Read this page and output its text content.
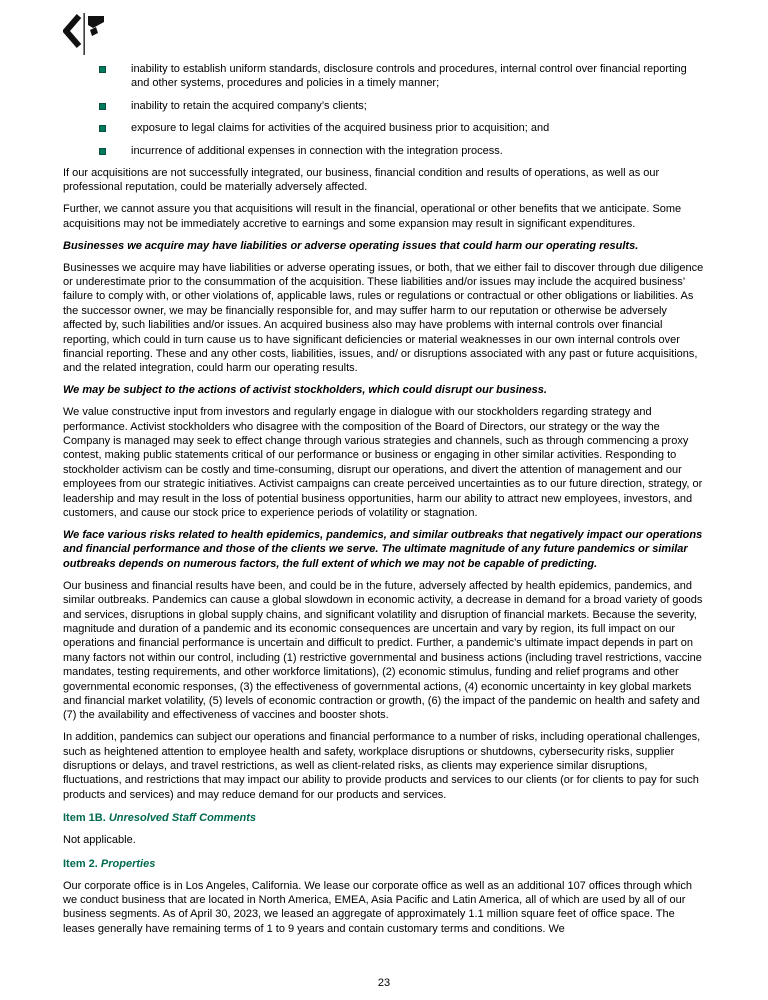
inability to establish uniform standards, disclosure controls and procedures, internal control over financial reporting and other systems, procedures and policies in a timely manner;
inability to retain the acquired company’s clients;
exposure to legal claims for activities of the acquired business prior to acquisition; and
incurrence of additional expenses in connection with the integration process.

If our acquisitions are not successfully integrated, our business, financial condition and results of operations, as well as our professional reputation, could be materially adversely affected.

Further, we cannot assure you that acquisitions will result in the financial, operational or other benefits that we anticipate. Some acquisitions may not be immediately accretive to earnings and some expansion may result in significant expenditures.

Businesses we acquire may have liabilities or adverse operating issues that could harm our operating results.

Businesses we acquire may have liabilities or adverse operating issues, or both, that we either fail to discover through due diligence or underestimate prior to the consummation of the acquisition. These liabilities and/or issues may include the acquired business’ failure to comply with, or other violations of, applicable laws, rules or regulations or contractual or other obligations or liabilities. As the successor owner, we may be financially responsible for, and may suffer harm to our reputation or otherwise be adversely affected by, such liabilities and/or issues. An acquired business also may have problems with internal controls over financial reporting, which could in turn cause us to have significant deficiencies or material weaknesses in our own internal controls over financial reporting. These and any other costs, liabilities, issues, and/ or disruptions associated with any past or future acquisitions, and the related integration, could harm our operating results.

We may be subject to the actions of activist stockholders, which could disrupt our business.

We value constructive input from investors and regularly engage in dialogue with our stockholders regarding strategy and performance. Activist stockholders who disagree with the composition of the Board of Directors, our strategy or the way the Company is managed may seek to effect change through various strategies and channels, such as through commencing a proxy contest, making public statements critical of our performance or business or engaging in other similar activities. Responding to stockholder activism can be costly and time-consuming, disrupt our operations, and divert the attention of management and our employees from our strategic initiatives. Activist campaigns can create perceived uncertainties as to our future direction, strategy, or leadership and may result in the loss of potential business opportunities, harm our ability to attract new employees, investors, and customers, and cause our stock price to experience periods of volatility or stagnation.

We face various risks related to health epidemics, pandemics, and similar outbreaks that negatively impact our operations and financial performance and those of the clients we serve. The ultimate magnitude of any future pandemics or similar outbreaks depends on numerous factors, the full extent of which we may not be capable of predicting.

Our business and financial results have been, and could be in the future, adversely affected by health epidemics, pandemics, and similar outbreaks. Pandemics can cause a global slowdown in economic activity, a decrease in demand for a broad variety of goods and services, disruptions in global supply chains, and significant volatility and disruption of financial markets. Because the severity, magnitude and duration of a pandemic and its economic consequences are uncertain and vary by region, its full impact on our operations and financial performance is uncertain and difficult to predict. Further, a pandemic’s ultimate impact depends in part on many factors not within our control, including (1) restrictive governmental and business actions (including travel restrictions, vaccine mandates, testing requirements, and other workforce limitations), (2) economic stimulus, funding and relief programs and other governmental economic responses, (3) the effectiveness of governmental actions, (4) economic uncertainty in key global markets and financial market volatility, (5) levels of economic contraction or growth, (6) the impact of the pandemic on health and safety and (7) the availability and effectiveness of vaccines and booster shots.

In addition, pandemics can subject our operations and financial performance to a number of risks, including operational challenges, such as heightened attention to employee health and safety, workplace disruptions or shutdowns, cybersecurity risks, supplier disruptions or delays, and travel restrictions, as well as client-related risks, as clients may experience similar disruptions, fluctuations, and restrictions that may impact our ability to provide products and services to our clients (or for clients to pay for such products and services) and may reduce demand for our products and services.

Item 1B. Unresolved Staff Comments

Not applicable.

Item 2. Properties

Our corporate office is in Los Angeles, California. We lease our corporate office as well as an additional 107 offices through which we conduct business that are located in North America, EMEA, Asia Pacific and Latin America, all of which are used by all of our business segments. As of April 30, 2023, we leased an aggregate of approximately 1.1 million square feet of office space. The leases generally have remaining terms of 1 to 9 years and contain customary terms and conditions. We

23
